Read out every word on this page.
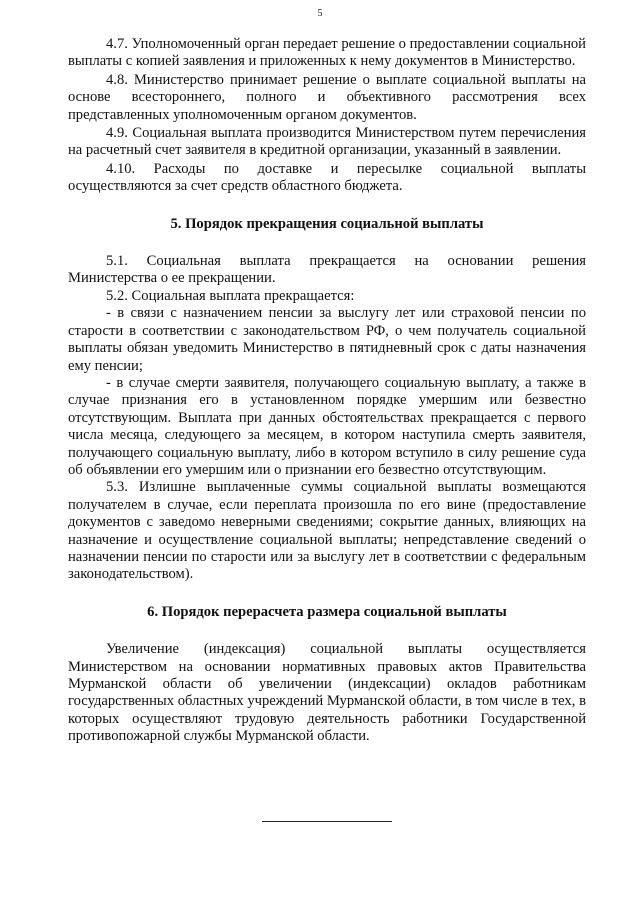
5

4.7. Уполномоченный орган передает решение о предоставлении социальной выплаты с копией заявления и приложенных к нему документов в Министерство.

4.8. Министерство принимает решение о выплате социальной выплаты на основе всестороннего, полного и объективного рассмотрения всех представленных уполномоченным органом документов.

4.9. Социальная выплата производится Министерством путем перечисления на расчетный счет заявителя в кредитной организации, указанный в заявлении.

4.10. Расходы по доставке и пересылке социальной выплаты осуществляются за счет средств областного бюджета.

5. Порядок прекращения социальной выплаты

5.1. Социальная выплата прекращается на основании решения Министерства о ее прекращении.

5.2. Социальная выплата прекращается:

- в связи с назначением пенсии за выслугу лет или страховой пенсии по старости в соответствии с законодательством РФ, о чем получатель социальной выплаты обязан уведомить Министерство в пятидневный срок с даты назначения ему пенсии;

- в случае смерти заявителя, получающего социальную выплату, а также в случае признания его в установленном порядке умершим или безвестно отсутствующим. Выплата при данных обстоятельствах прекращается с первого числа месяца, следующего за месяцем, в котором наступила смерть заявителя, получающего социальную выплату, либо в котором вступило в силу решение суда об объявлении его умершим или о признании его безвестно отсутствующим.

5.3. Излишне выплаченные суммы социальной выплаты возмещаются получателем в случае, если переплата произошла по его вине (предоставление документов с заведомо неверными сведениями; сокрытие данных, влияющих на назначение и осуществление социальной выплаты; непредставление сведений о назначении пенсии по старости или за выслугу лет в соответствии с федеральным законодательством).

6. Порядок перерасчета размера социальной выплаты

Увеличение (индексация) социальной выплаты осуществляется Министерством на основании нормативных правовых актов Правительства Мурманской области об увеличении (индексации) окладов работникам государственных областных учреждений Мурманской области, в том числе в тех, в которых осуществляют трудовую деятельность работники Государственной противопожарной службы Мурманской области.
